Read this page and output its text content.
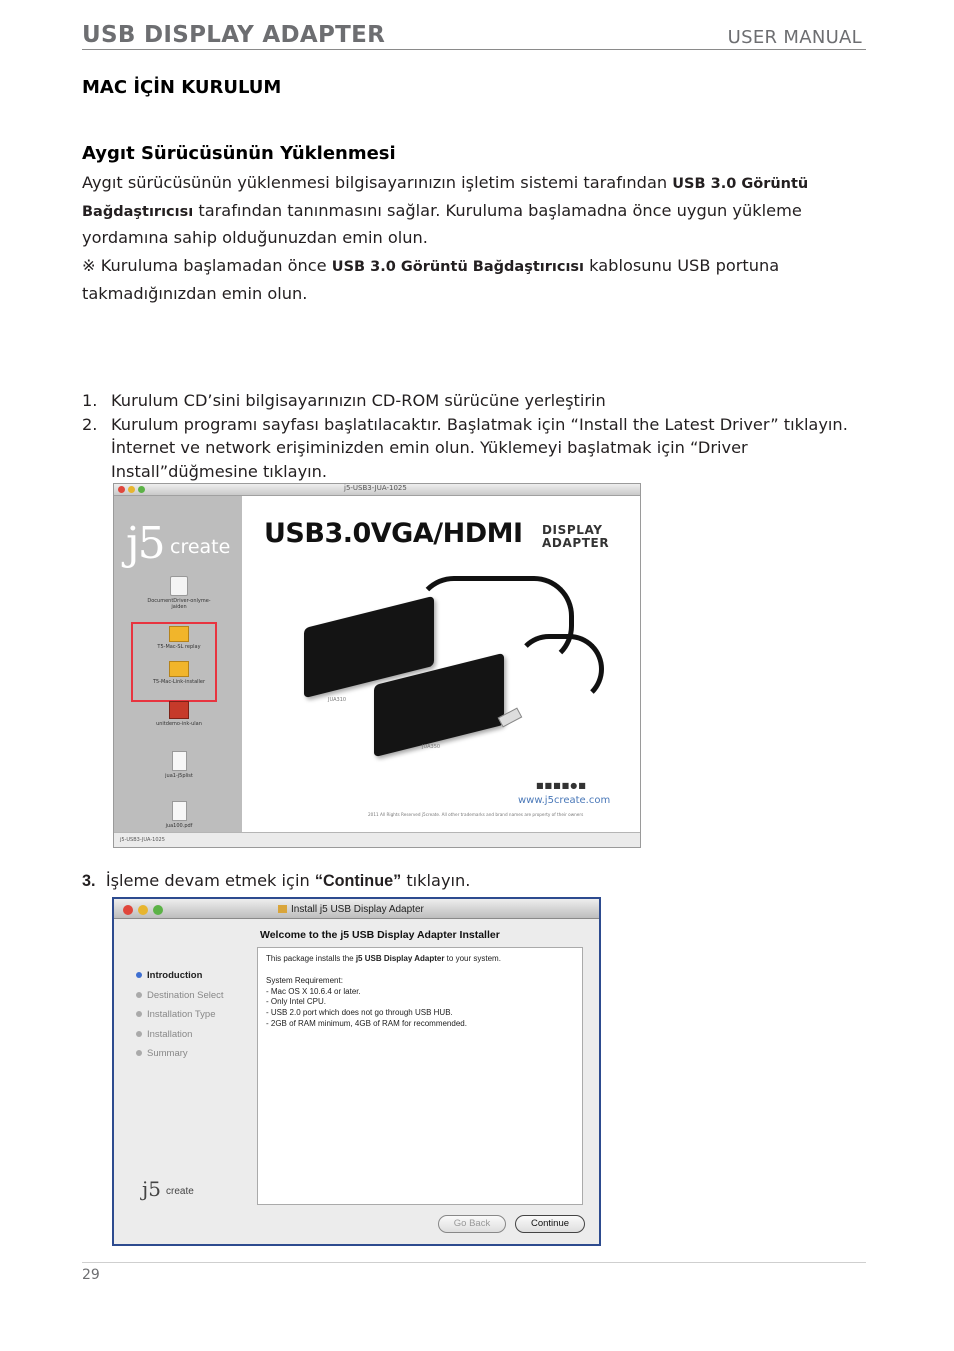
USB DISPLAY ADAPTER	USER MANUAL
MAC İÇİN KURULUM
Aygıt Sürücüsünün Yüklenmesi
Aygıt sürücüsünün yüklenmesi bilgisayarınızın işletim sistemi tarafından USB 3.0 Görüntü Bağdaştırıcısı tarafından tanınmasını sağlar. Kuruluma başlamadna önce uygun yükleme yordamına sahip olduğunuzdan emin olun.
※ Kuruluma başlamadan önce USB 3.0 Görüntü Bağdaştırıcısı kablosunu USB portuna takmadığınızdan emin olun.
1. Kurulum CD’sini bilgisayarınızın CD-ROM sürücüne yerleştirin
2. Kurulum programı sayfası başlatılacaktır. Başlatmak için “Install the Latest Driver” tıklayın. İnternet ve network erişiminizden emin olun. Yüklemeyi başlatmak için “Driver Install”düğmesine tıklayın.
j5-USB3-JUA-1025
j5 create
DocumentDriver-onlyme-jaiden
T5-Mac-SL replay
T5-Mac-Link-installer
unitdemo-ink-ulan
jua1-j5plist
jua100.pdf
USB3.0VGA/HDMI DISPLAY
ADAPTER
JUA310
JUA350
■■■■●■
www.j5create.com
2011 All Rights Reserved j5create. All other trademarks and brand names are property of their owners
j5-USB3-JUA-1025
3. İşleme devam etmek için “Continue” tıklayın.
Install j5 USB Display Adapter
Welcome to the j5 USB Display Adapter Installer
Introduction
Destination Select
Installation Type
Installation
Summary
This package installs the j5 USB Display Adapter to your system.
System Requirement:
- Mac OS X 10.6.4 or later.
- Only Intel CPU.
- USB 2.0 port which does not go through USB HUB.
- 2GB of RAM minimum, 4GB of RAM for recommended.
j5 create
Go Back	Continue
29
